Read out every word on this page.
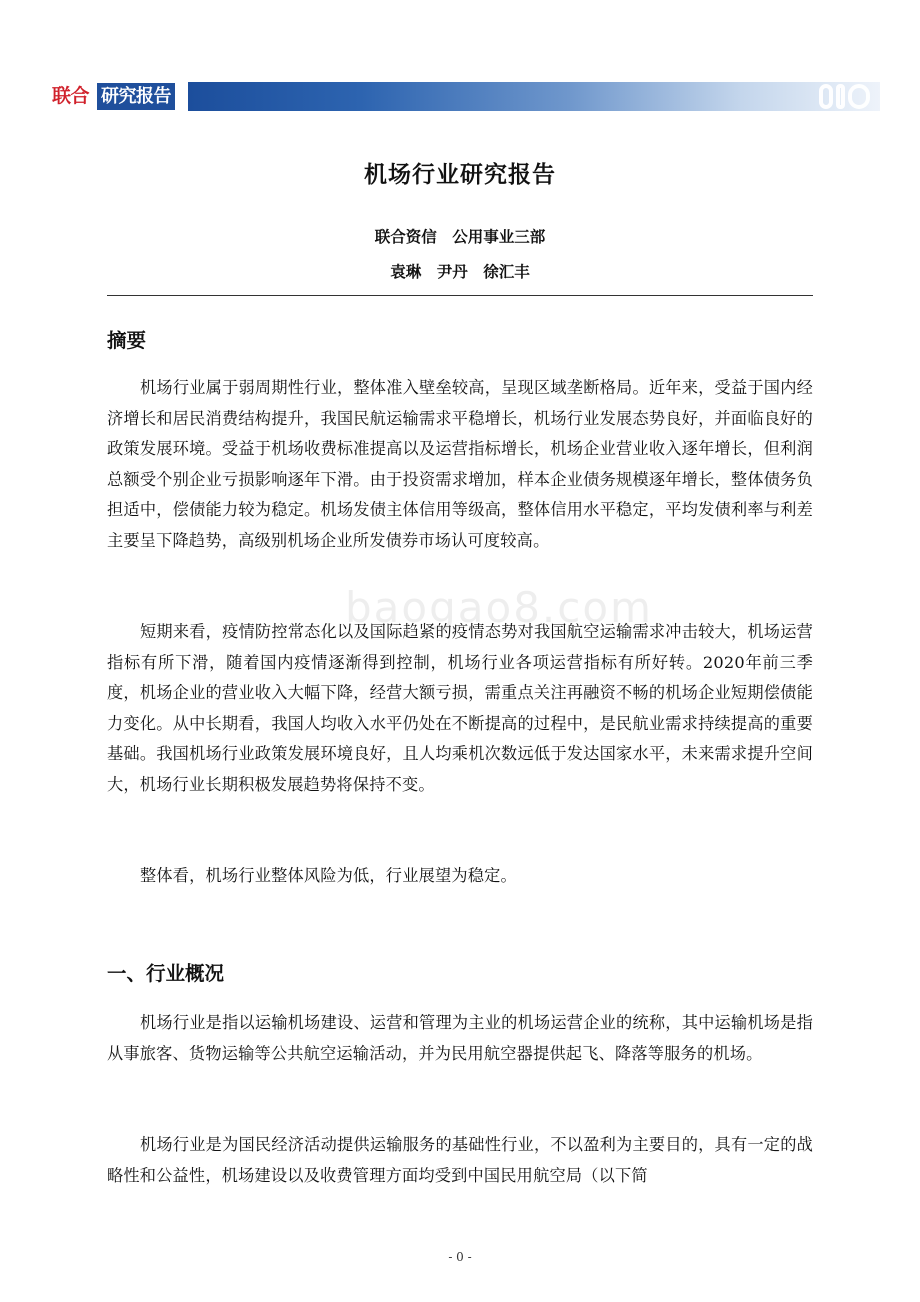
联合 研究报告
机场行业研究报告
联合资信　公用事业三部
袁琳　尹丹　徐汇丰
摘要

机场行业属于弱周期性行业，整体准入壁垒较高，呈现区域垄断格局。近年来，受益于国内经济增长和居民消费结构提升，我国民航运输需求平稳增长，机场行业发展态势良好，并面临良好的政策发展环境。受益于机场收费标准提高以及运营指标增长，机场企业营业收入逐年增长，但利润总额受个别企业亏损影响逐年下滑。由于投资需求增加，样本企业债务规模逐年增长，整体债务负担适中，偿债能力较为稳定。机场发债主体信用等级高，整体信用水平稳定，平均发债利率与利差主要呈下降趋势，高级别机场企业所发债券市场认可度较高。

短期来看，疫情防控常态化以及国际趋紧的疫情态势对我国航空运输需求冲击较大，机场运营指标有所下滑，随着国内疫情逐渐得到控制，机场行业各项运营指标有所好转。2020年前三季度，机场企业的营业收入大幅下降，经营大额亏损，需重点关注再融资不畅的机场企业短期偿债能力变化。从中长期看，我国人均收入水平仍处在不断提高的过程中，是民航业需求持续提高的重要基础。我国机场行业政策发展环境良好，且人均乘机次数远低于发达国家水平，未来需求提升空间大，机场行业长期积极发展趋势将保持不变。

整体看，机场行业整体风险为低，行业展望为稳定。

baogao8.com
一、行业概况

机场行业是指以运输机场建设、运营和管理为主业的机场运营企业的统称，其中运输机场是指从事旅客、货物运输等公共航空运输活动，并为民用航空器提供起飞、降落等服务的机场。

机场行业是为国民经济活动提供运输服务的基础性行业，不以盈利为主要目的，具有一定的战略性和公益性，机场建设以及收费管理方面均受到中国民用航空局（以下简

- 0 -
